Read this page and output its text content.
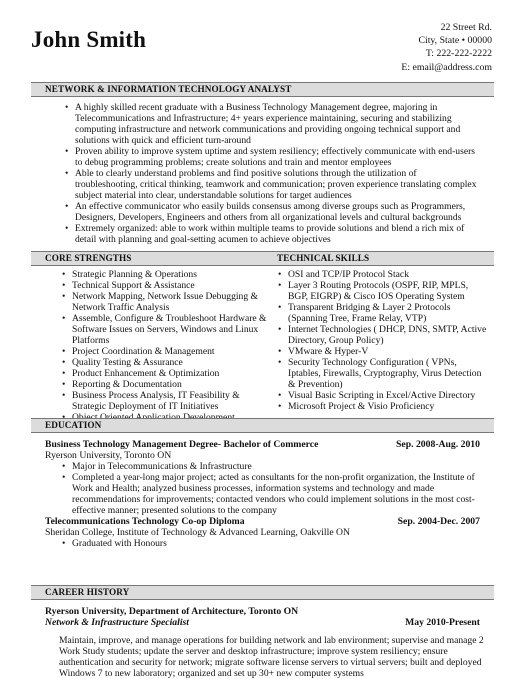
John Smith	22 Street Rd.
City, State • 00000
T: 222-222-2222
E: email@address.com
NETWORK & INFORMATION TECHNOLOGY ANALYST
• A highly skilled recent graduate with a Business Technology Management degree, majoring in Telecommunications and Infrastructure; 4+ years experience maintaining, securing and stabilizing computing infrastructure and network communications and providing ongoing technical support and solutions with quick and efficient turn-around
• Proven ability to improve system uptime and system resiliency; effectively communicate with end-users to debug programming problems; create solutions and train and mentor employees
• Able to clearly understand problems and find positive solutions through the utilization of troubleshooting, critical thinking, teamwork and communication; proven experience translating complex subject material into clear, understandable solutions for target audiences
• An effective communicator who easily builds consensus among diverse groups such as Programmers, Designers, Developers, Engineers and others from all organizational levels and cultural backgrounds
• Extremely organized: able to work within multiple teams to provide solutions and blend a rich mix of detail with planning and goal-setting acumen to achieve objectives
CORE STRENGTHS	TECHNICAL SKILLS
• Strategic Planning & Operations
• Technical Support & Assistance
• Network Mapping, Network Issue Debugging & Network Traffic Analysis
• Assemble, Configure & Troubleshoot Hardware & Software Issues on Servers, Windows and Linux Platforms
• Project Coordination & Management
• Quality Testing & Assurance
• Product Enhancement & Optimization
• Reporting & Documentation
• Business Process Analysis, IT Feasibility & Strategic Deployment of IT Initiatives
•
• OSI and TCP/IP Protocol Stack
• Layer 3 Routing Protocols (OSPF, RIP, MPLS, BGP, EIGRP) & Cisco IOS Operating System
• Transparent Bridging & Layer 2 Protocols (Spanning Tree, Frame Relay, VTP)
• Internet Technologies ( DHCP, DNS, SMTP, Active Directory, Group Policy)
• VMware & Hyper-V
• Security Technology Configuration ( VPNs, Iptables, Firewalls, Cryptography, Virus Detection & Prevention)
• Visual Basic Scripting in Excel/Active Directory
• Microsoft Project & Visio Proficiency
EDUCATION
Business Technology Management Degree- Bachelor of Commerce	Sep. 2008-Aug. 2010
Ryerson University, Toronto ON
• Major in Telecommunications & Infrastructure
• Completed a year-long major project; acted as consultants for the non-profit organization, the Institute of Work and Health; analyzed business processes, information systems and technology and made recommendations for improvements; contacted vendors who could implement solutions in the most cost-effective manner; presented solutions to the company
Telecommunications Technology Co-op Diploma	Sep. 2004-Dec. 2007
Sheridan College, Institute of Technology & Advanced Learning, Oakville ON
• Graduated with Honours
CAREER HISTORY
Ryerson University, Department of Architecture, Toronto ON
Network & Infrastructure Specialist	May 2010-Present
Maintain, improve, and manage operations for building network and lab environment; supervise and manage 2 Work Study students; update the server and desktop infrastructure; improve system resiliency; ensure authentication and security for network; migrate software license servers to virtual servers; built and deployed Windows 7 to new laboratory; organized and set up 30+ new computer systems
